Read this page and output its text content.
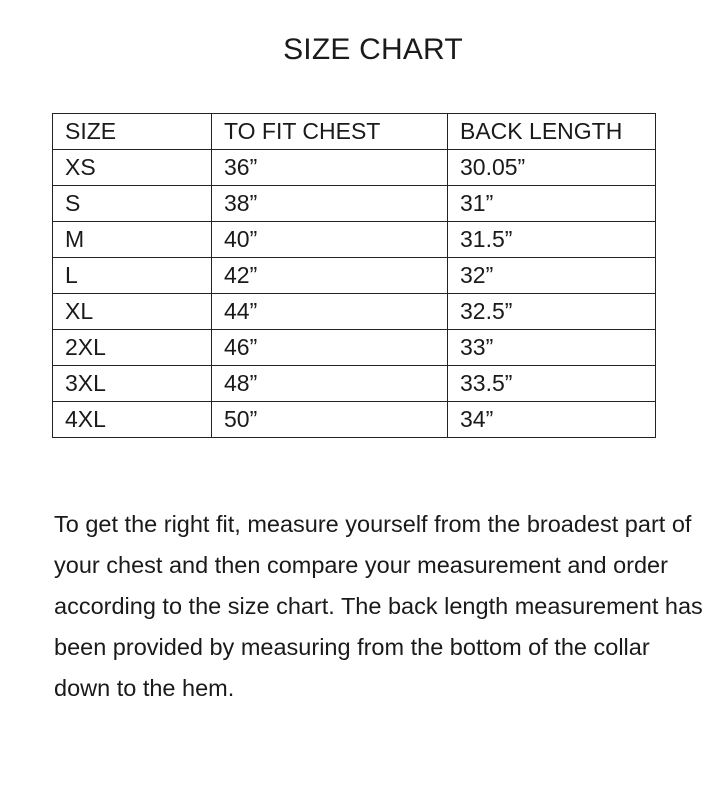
SIZE CHART
SIZE	TO FIT CHEST	BACK LENGTH
XS	36”	30.05”
S	38”	31”
M	40”	31.5”
L	42”	32”
XL	44”	32.5”
2XL	46”	33”
3XL	48”	33.5”
4XL	50”	34”

To get the right fit, measure yourself from the broadest part of your chest and then compare your measurement and order according to the size chart. The back length measurement has been provided by measuring from the bottom of the collar down to the hem.
